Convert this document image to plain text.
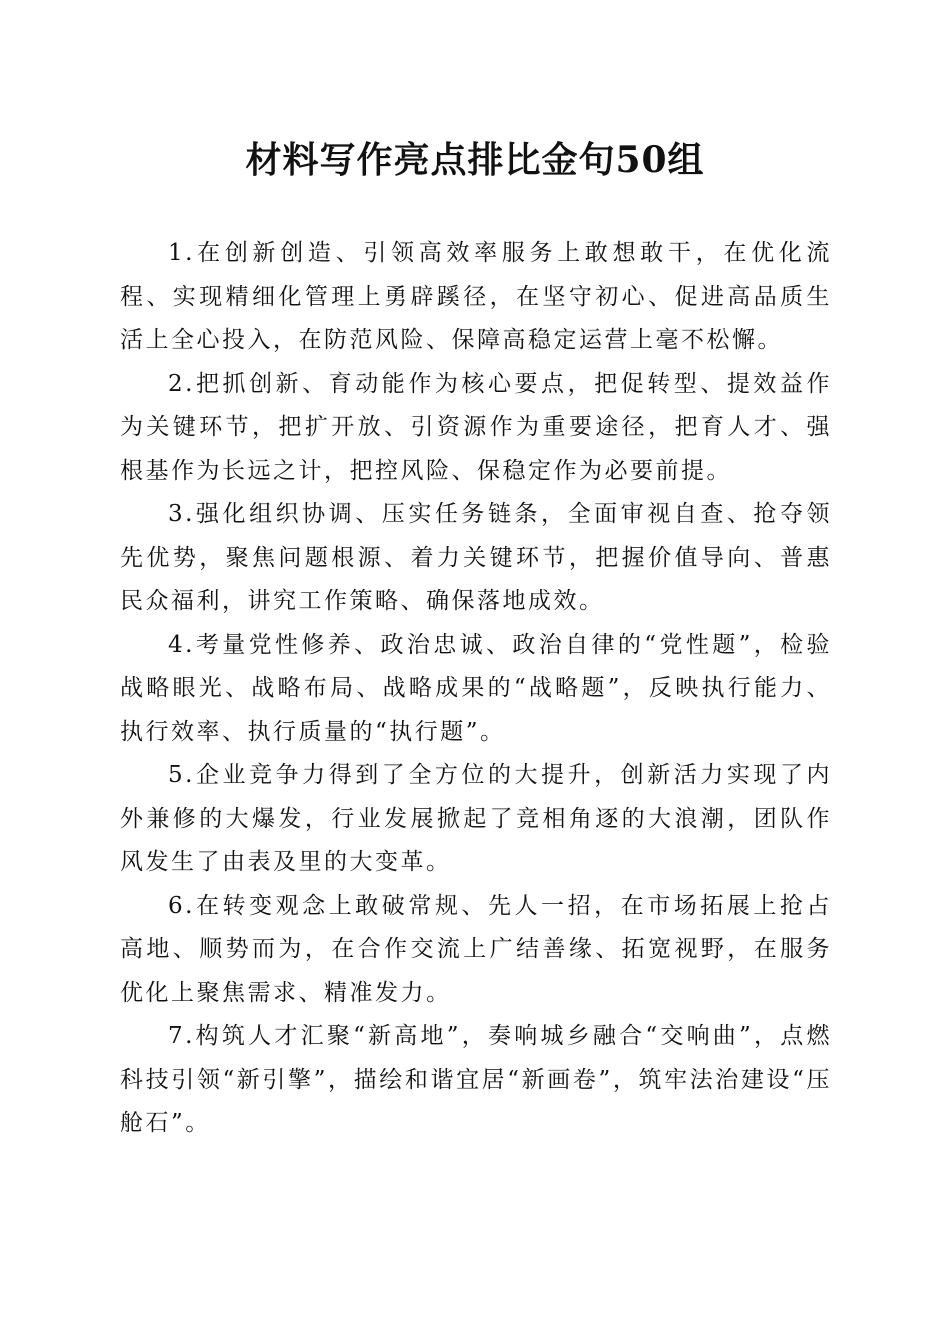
材料写作亮点排比金句50组

1.在创新创造、引领高效率服务上敢想敢干，在优化流程、实现精细化管理上勇辟蹊径，在坚守初心、促进高品质生活上全心投入，在防范风险、保障高稳定运营上毫不松懈。

2.把抓创新、育动能作为核心要点，把促转型、提效益作为关键环节，把扩开放、引资源作为重要途径，把育人才、强根基作为长远之计，把控风险、保稳定作为必要前提。

3.强化组织协调、压实任务链条，全面审视自查、抢夺领先优势，聚焦问题根源、着力关键环节，把握价值导向、普惠民众福利，讲究工作策略、确保落地成效。

4.考量党性修养、政治忠诚、政治自律的“党性题”，检验战略眼光、战略布局、战略成果的“战略题”，反映执行能力、执行效率、执行质量的“执行题”。

5.企业竞争力得到了全方位的大提升，创新活力实现了内外兼修的大爆发，行业发展掀起了竞相角逐的大浪潮，团队作风发生了由表及里的大变革。

6.在转变观念上敢破常规、先人一招，在市场拓展上抢占高地、顺势而为，在合作交流上广结善缘、拓宽视野，在服务优化上聚焦需求、精准发力。

7.构筑人才汇聚“新高地”，奏响城乡融合“交响曲”，点燃科技引领“新引擎”，描绘和谐宜居“新画卷”，筑牢法治建设“压舱石”。
